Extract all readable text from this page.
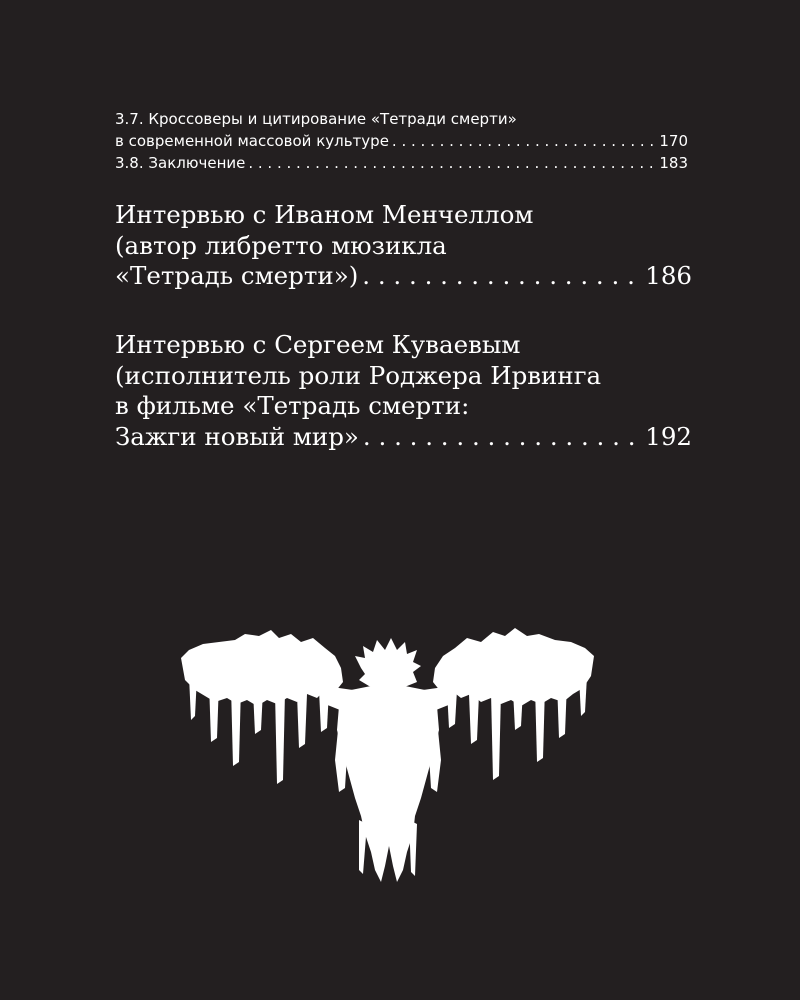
3.7. Кроссоверы и цитирование «Тетради смерти»
в современной массовой культуре . . .	170
3.8. Заключение . . .	183
Интервью с Иваном Менчеллом
(автор либретто мюзикла
«Тетрадь смерти») . . .	186
Интервью с Сергеем Куваевым
(исполнитель роли Роджера Ирвинга
в фильме «Тетрадь смерти:
Зажги новый мир» . . .	192
